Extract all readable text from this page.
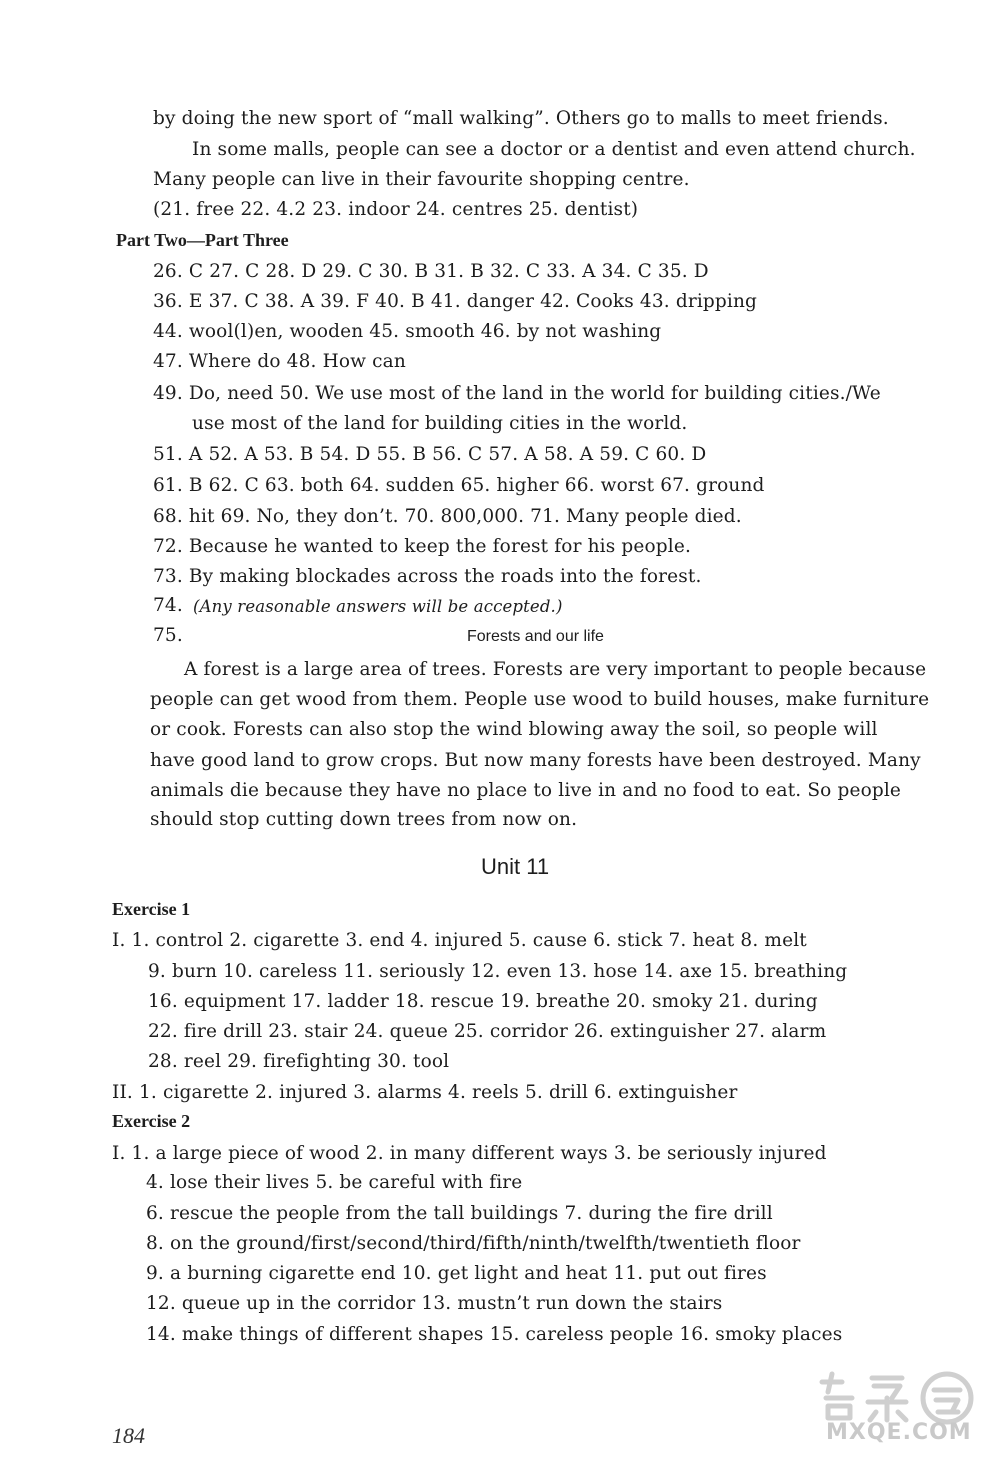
by doing the new sport of “mall walking”. Others go to malls to meet friends.
In some malls, people can see a doctor or a dentist and even attend church.
Many people can live in their favourite shopping centre.
(21. free 22. 4.2 23. indoor 24. centres 25. dentist)
Part Two—Part Three
26. C 27. C 28. D 29. C 30. B 31. B 32. C 33. A 34. C 35. D
36. E 37. C 38. A 39. F 40. B 41. danger 42. Cooks 43. dripping
44. wool(l)en, wooden 45. smooth 46. by not washing
47. Where do 48. How can
49. Do, need 50. We use most of the land in the world for building cities./We
use most of the land for building cities in the world.
51. A 52. A 53. B 54. D 55. B 56. C 57. A 58. A 59. C 60. D
61. B 62. C 63. both 64. sudden 65. higher 66. worst 67. ground
68. hit 69. No, they don’t. 70. 800,000. 71. Many people died.
72. Because he wanted to keep the forest for his people.
73. By making blockades across the roads into the forest.
74. (Any reasonable answers will be accepted.)
75.	Forests and our life
A forest is a large area of trees. Forests are very important to people because
people can get wood from them. People use wood to build houses, make furniture
or cook. Forests can also stop the wind blowing away the soil, so people will
have good land to grow crops. But now many forests have been destroyed. Many
animals die because they have no place to live in and no food to eat. So people
should stop cutting down trees from now on.
Unit 11
Exercise 1
I. 1. control 2. cigarette 3. end 4. injured 5. cause 6. stick 7. heat 8. melt
9. burn 10. careless 11. seriously 12. even 13. hose 14. axe 15. breathing
16. equipment 17. ladder 18. rescue 19. breathe 20. smoky 21. during
22. fire drill 23. stair 24. queue 25. corridor 26. extinguisher 27. alarm
28. reel 29. firefighting 30. tool
II. 1. cigarette 2. injured 3. alarms 4. reels 5. drill 6. extinguisher
Exercise 2
I. 1. a large piece of wood 2. in many different ways 3. be seriously injured
4. lose their lives 5. be careful with fire
6. rescue the people from the tall buildings 7. during the fire drill
8. on the ground/first/second/third/fifth/ninth/twelfth/twentieth floor
9. a burning cigarette end 10. get light and heat 11. put out fires
12. queue up in the corridor 13. mustn’t run down the stairs
14. make things of different shapes 15. careless people 16. smoky places
184	MXQE.COM
